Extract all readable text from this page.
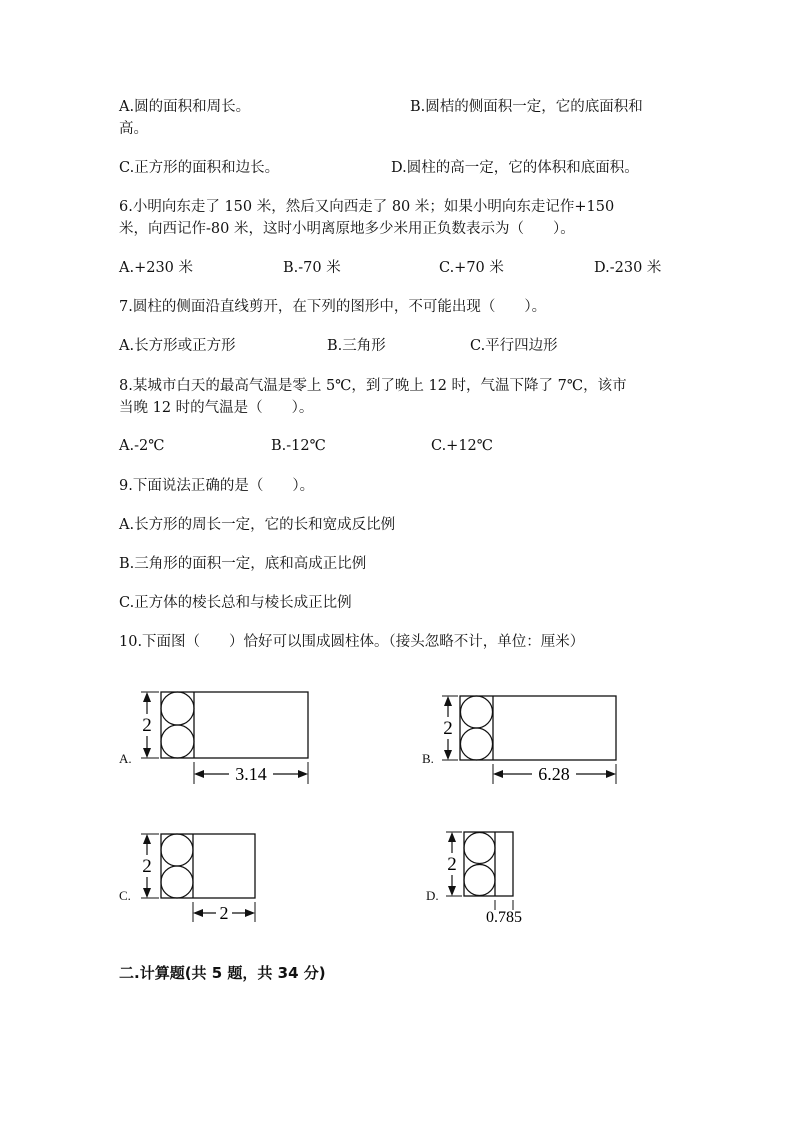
A.圆的面积和周长。	B.圆桔的侧面积一定，它的底面积和
高。
C.正方形的面积和边长。	D.圆柱的高一定，它的体积和底面积。
6.小明向东走了 150 米，然后又向西走了 80 米；如果小明向东走记作+150
米，向西记作-80 米，这时小明离原地多少米用正负数表示为（　　）。
A.+230 米	B.-70 米	C.+70 米	D.-230 米
7.圆柱的侧面沿直线剪开，在下列的图形中，不可能出现（　　）。
A.长方形或正方形	B.三角形	C.平行四边形
8.某城市白天的最高气温是零上 5℃，到了晚上 12 时，气温下降了 7℃，该市
当晚 12 时的气温是（　　）。
A.-2℃	B.-12℃	C.+12℃
9.下面说法正确的是（　　）。
A.长方形的周长一定，它的长和宽成反比例
B.三角形的面积一定，底和高成正比例
C.正方体的棱长总和与棱长成正比例
10.下面图（　　）恰好可以围成圆柱体。（接头忽略不计，单位：厘米）
A.
2
3.14
B.
2
6.28
C.
2
2
D.
2
0.785
二.计算题(共 5 题，共 34 分)
